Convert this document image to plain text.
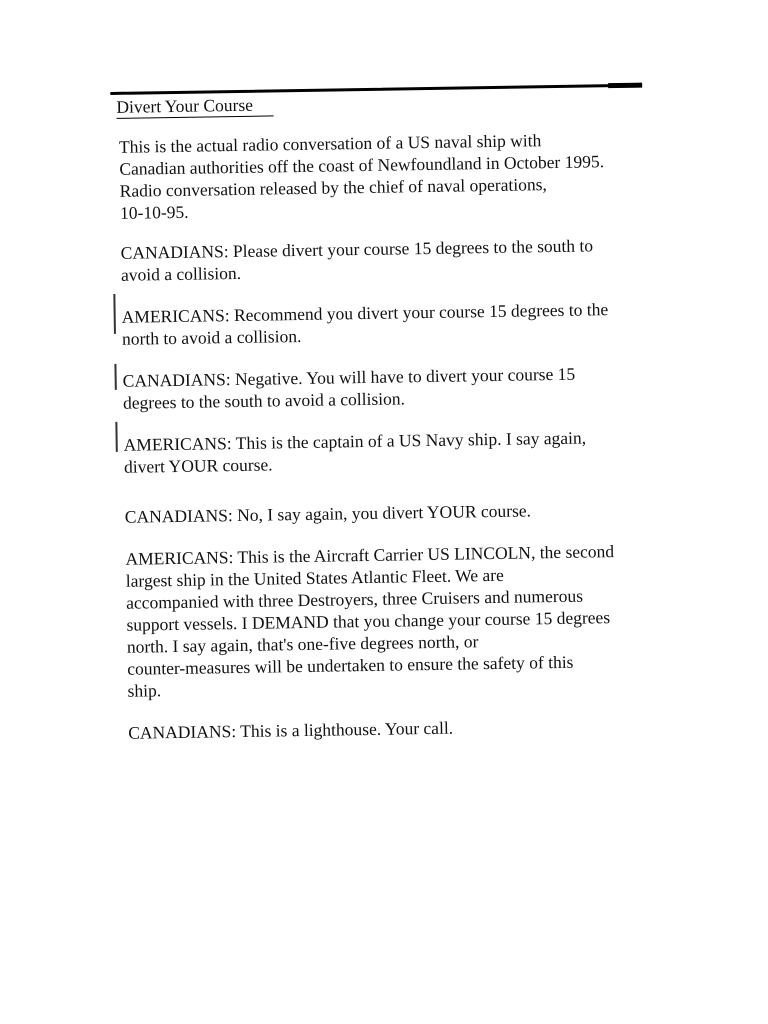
Divert Your Course
This is the actual radio conversation of a US naval ship with
Canadian authorities off the coast of Newfoundland in October 1995.
Radio conversation released by the chief of naval operations,
10-10-95.
CANADIANS: Please divert your course 15 degrees to the south to
avoid a collision.
AMERICANS: Recommend you divert your course 15 degrees to the
north to avoid a collision.
CANADIANS: Negative. You will have to divert your course 15
degrees to the south to avoid a collision.
AMERICANS: This is the captain of a US Navy ship. I say again,
divert YOUR course.
CANADIANS: No, I say again, you divert YOUR course.
AMERICANS: This is the Aircraft Carrier US LINCOLN, the second
largest ship in the United States Atlantic Fleet. We are
accompanied with three Destroyers, three Cruisers and numerous
support vessels. I DEMAND that you change your course 15 degrees
north. I say again, that's one-five degrees north, or
counter-measures will be undertaken to ensure the safety of this
ship.
CANADIANS: This is a lighthouse. Your call.
